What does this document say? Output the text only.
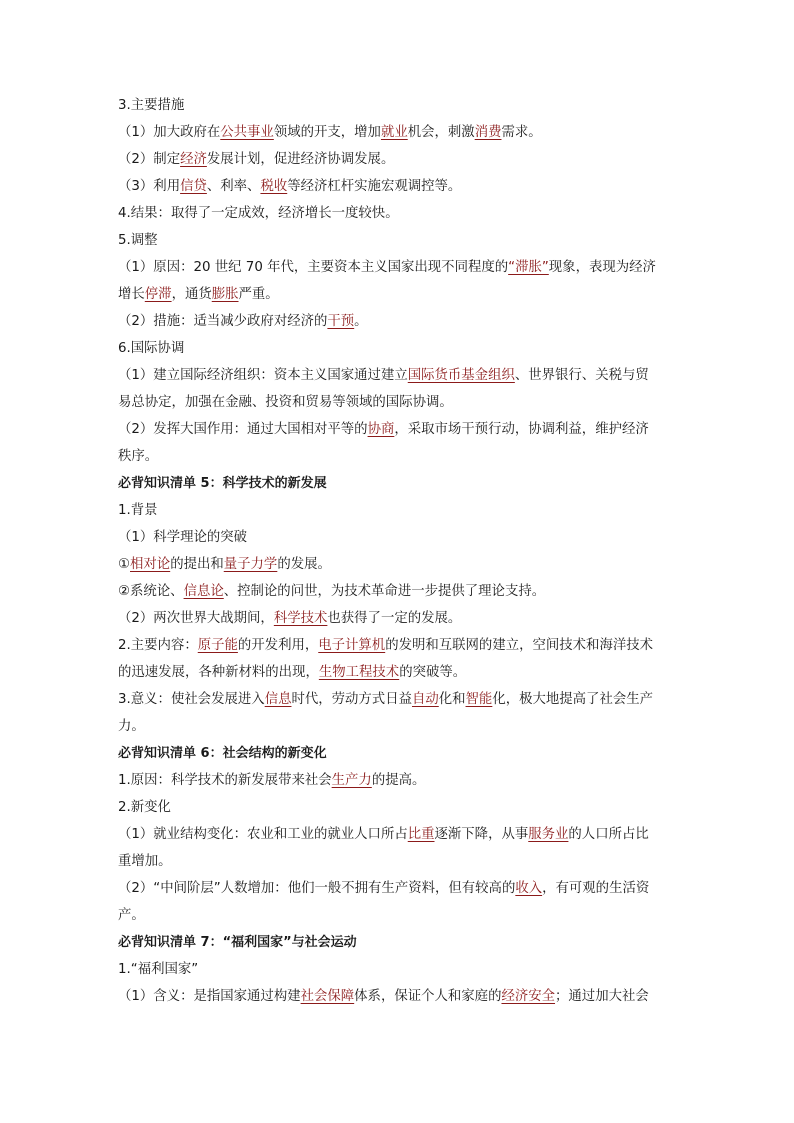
3.主要措施
（1）加大政府在公共事业领域的开支，增加就业机会，刺激消费需求。
（2）制定经济发展计划，促进经济协调发展。
（3）利用信贷、利率、税收等经济杠杆实施宏观调控等。
4.结果：取得了一定成效，经济增长一度较快。
5.调整
（1）原因：20 世纪 70 年代，主要资本主义国家出现不同程度的“滞胀”现象，表现为经济
增长停滞，通货膨胀严重。
（2）措施：适当减少政府对经济的干预。
6.国际协调
（1）建立国际经济组织：资本主义国家通过建立国际货币基金组织、世界银行、关税与贸
易总协定，加强在金融、投资和贸易等领域的国际协调。
（2）发挥大国作用：通过大国相对平等的协商，采取市场干预行动，协调利益，维护经济
秩序。
必背知识清单 5：科学技术的新发展
1.背景
（1）科学理论的突破
①相对论的提出和量子力学的发展。
②系统论、信息论、控制论的问世，为技术革命进一步提供了理论支持。
（2）两次世界大战期间，科学技术也获得了一定的发展。
2.主要内容：原子能的开发利用，电子计算机的发明和互联网的建立，空间技术和海洋技术
的迅速发展，各种新材料的出现，生物工程技术的突破等。
3.意义：使社会发展进入信息时代，劳动方式日益自动化和智能化，极大地提高了社会生产
力。
必背知识清单 6：社会结构的新变化
1.原因：科学技术的新发展带来社会生产力的提高。
2.新变化
（1）就业结构变化：农业和工业的就业人口所占比重逐渐下降，从事服务业的人口所占比
重增加。
（2）“中间阶层”人数增加：他们一般不拥有生产资料，但有较高的收入，有可观的生活资
产。
必背知识清单 7：“福利国家”与社会运动
1.“福利国家”
（1）含义：是指国家通过构建社会保障体系，保证个人和家庭的经济安全；通过加大社会
